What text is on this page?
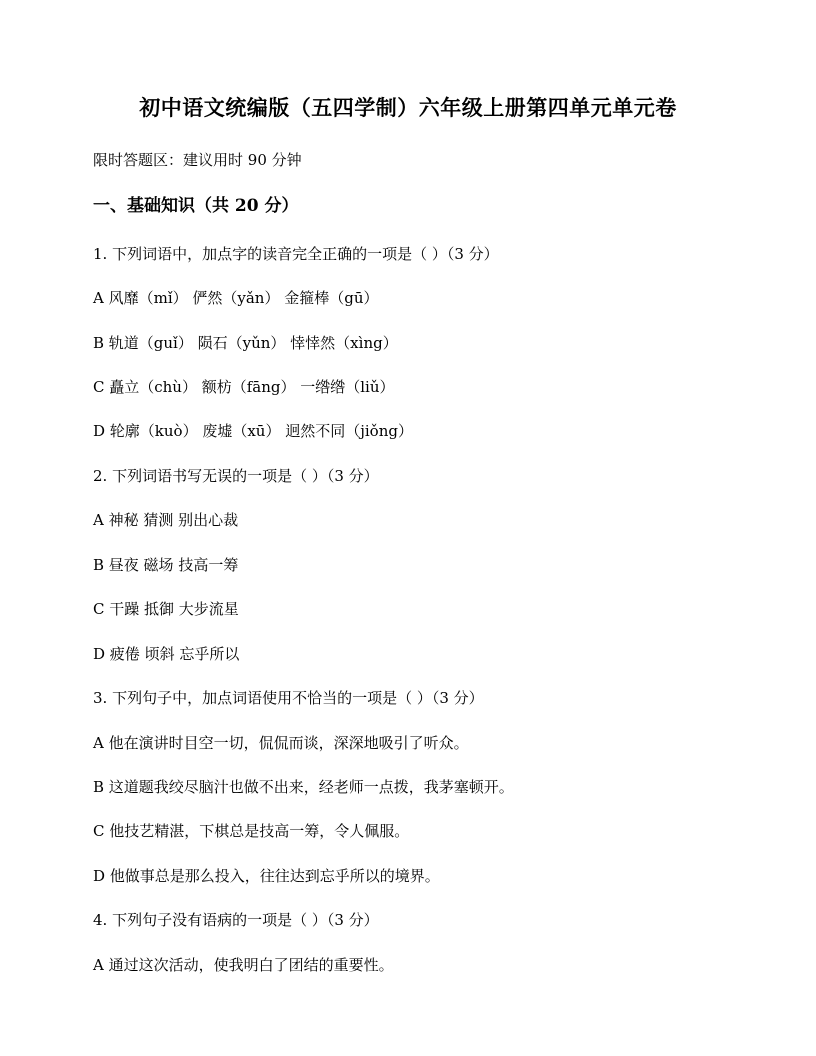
初中语文统编版（五四学制）六年级上册第四单元单元卷
限时答题区：建议用时 90 分钟
一、基础知识（共 20 分）
1. 下列词语中，加点字的读音完全正确的一项是（ ）（3 分）
A 风靡（mǐ） 俨然（yǎn） 金箍棒（gū）
B 轨道（guǐ） 陨石（yǔn） 悻悻然（xìng）
C 矗立（chù） 额枋（fāng） 一绺绺（liǔ）
D 轮廓（kuò） 废墟（xū） 迥然不同（jiǒng）
2. 下列词语书写无误的一项是（ ）（3 分）
A 神秘 猜测 别出心裁
B 昼夜 磁场 技高一筹
C 干躁 抵御 大步流星
D 疲倦 顷斜 忘乎所以
3. 下列句子中，加点词语使用不恰当的一项是（ ）（3 分）
A 他在演讲时目空一切，侃侃而谈，深深地吸引了听众。
B 这道题我绞尽脑汁也做不出来，经老师一点拨，我茅塞顿开。
C 他技艺精湛，下棋总是技高一筹，令人佩服。
D 他做事总是那么投入，往往达到忘乎所以的境界。
4. 下列句子没有语病的一项是（ ）（3 分）
A 通过这次活动，使我明白了团结的重要性。
